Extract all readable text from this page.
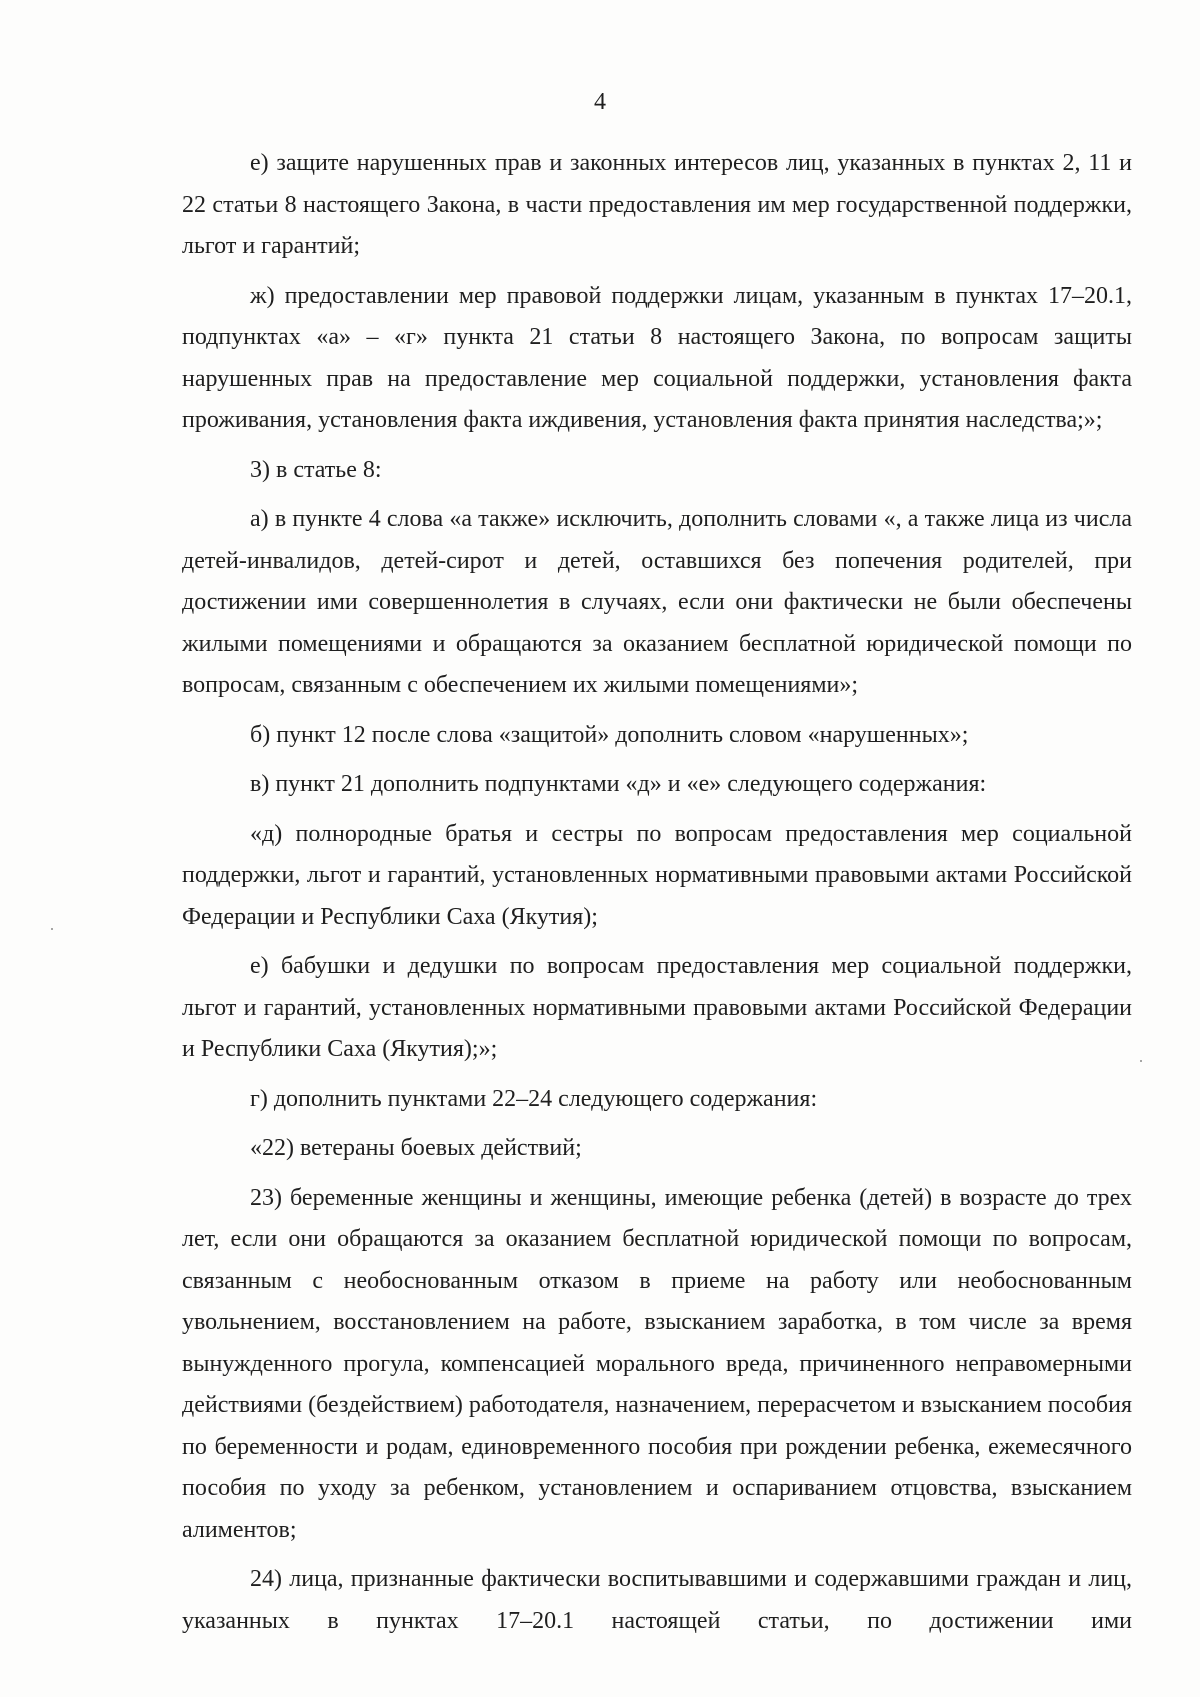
4

е) защите нарушенных прав и законных интересов лиц, указанных в пунктах 2, 11 и 22 статьи 8 настоящего Закона, в части предоставления им мер государственной поддержки, льгот и гарантий;

ж) предоставлении мер правовой поддержки лицам, указанным в пунктах 17–20.1, подпунктах «а» – «г» пункта 21 статьи 8 настоящего Закона, по вопросам защиты нарушенных прав на предоставление мер социальной поддержки, установления факта проживания, установления факта иждивения, установления факта принятия наследства;»;

3) в статье 8:

а) в пункте 4 слова «а также» исключить, дополнить словами «, а также лица из числа детей-инвалидов, детей-сирот и детей, оставшихся без попечения родителей, при достижении ими совершеннолетия в случаях, если они фактически не были обеспечены жилыми помещениями и обращаются за оказанием бесплатной юридической помощи по вопросам, связанным с обеспечением их жилыми помещениями»;

б) пункт 12 после слова «защитой» дополнить словом «нарушенных»;

в) пункт 21 дополнить подпунктами «д» и «е» следующего содержания:

«д) полнородные братья и сестры по вопросам предоставления мер социальной поддержки, льгот и гарантий, установленных нормативными правовыми актами Российской Федерации и Республики Саха (Якутия);

е) бабушки и дедушки по вопросам предоставления мер социальной поддержки, льгот и гарантий, установленных нормативными правовыми актами Российской Федерации и Республики Саха (Якутия);»;

г) дополнить пунктами 22–24 следующего содержания:

«22) ветераны боевых действий;

23) беременные женщины и женщины, имеющие ребенка (детей) в возрасте до трех лет, если они обращаются за оказанием бесплатной юридической помощи по вопросам, связанным с необоснованным отказом в приеме на работу или необоснованным увольнением, восстановлением на работе, взысканием заработка, в том числе за время вынужденного прогула, компенсацией морального вреда, причиненного неправомерными действиями (бездействием) работодателя, назначением, перерасчетом и взысканием пособия по беременности и родам, единовременного пособия при рождении ребенка, ежемесячного пособия по уходу за ребенком, установлением и оспариванием отцовства, взысканием алиментов;

24) лица, признанные фактически воспитывавшими и содержавшими граждан и лиц, указанных в пунктах 17–20.1 настоящей статьи, по достижении ими
